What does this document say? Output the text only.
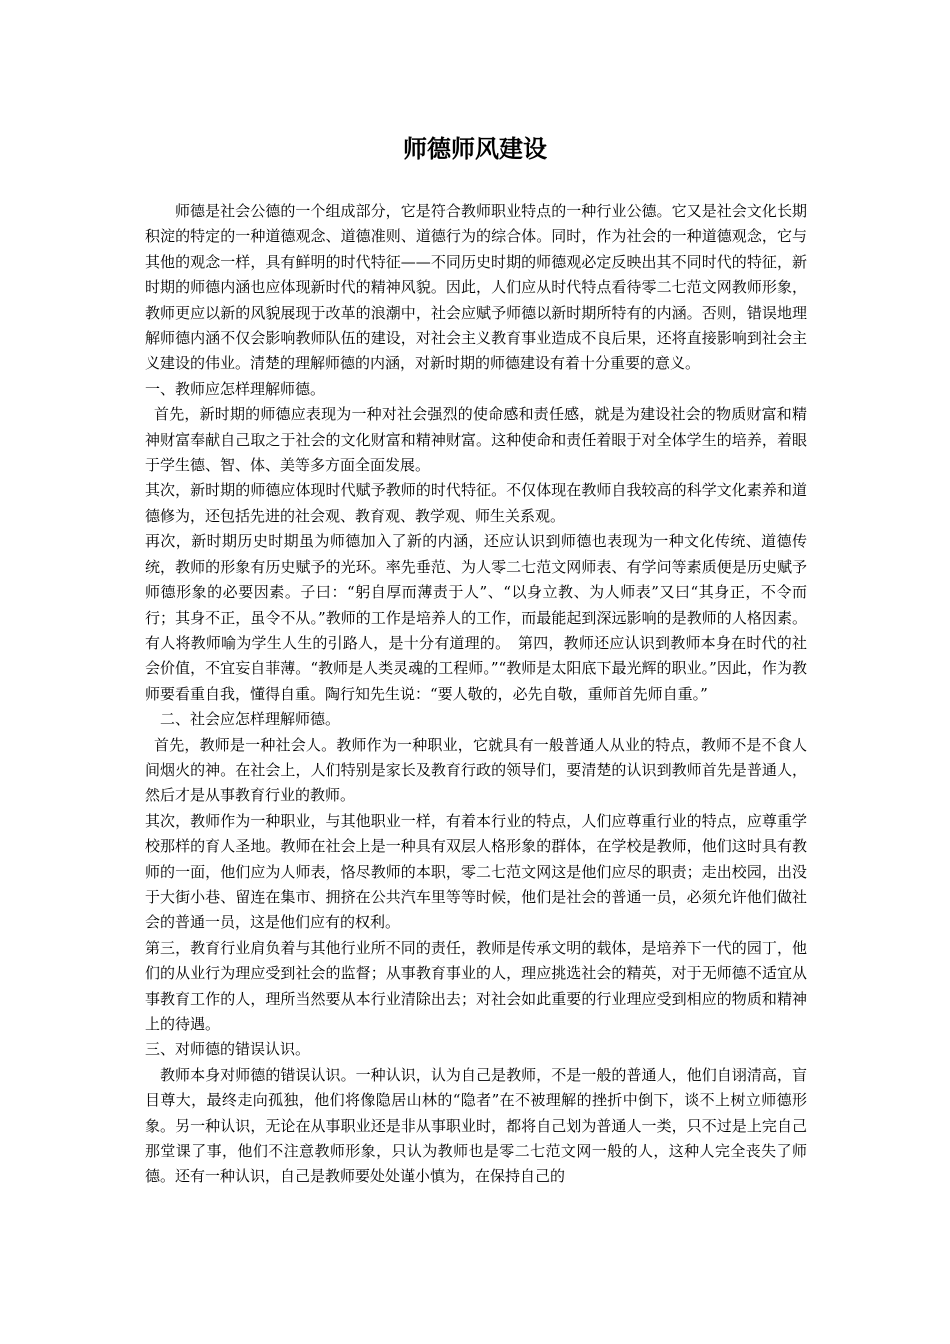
师德师风建设

师德是社会公德的一个组成部分，它是符合教师职业特点的一种行业公德。它又是社会文化长期积淀的特定的一种道德观念、道德准则、道德行为的综合体。同时，作为社会的一种道德观念，它与其他的观念一样，具有鲜明的时代特征——不同历史时期的师德观必定反映出其不同时代的特征，新时期的师德内涵也应体现新时代的精神风貌。因此，人们应从时代特点看待零二七范文网教师形象，教师更应以新的风貌展现于改革的浪潮中，社会应赋予师德以新时期所特有的内涵。否则，错误地理解师德内涵不仅会影响教师队伍的建设，对社会主义教育事业造成不良后果，还将直接影响到社会主义建设的伟业。清楚的理解师德的内涵，对新时期的师德建设有着十分重要的意义。

一、教师应怎样理解师德。

首先，新时期的师德应表现为一种对社会强烈的使命感和责任感，就是为建设社会的物质财富和精神财富奉献自己取之于社会的文化财富和精神财富。这种使命和责任着眼于对全体学生的培养，着眼于学生德、智、体、美等多方面全面发展。

其次，新时期的师德应体现时代赋予教师的时代特征。不仅体现在教师自我较高的科学文化素养和道德修为，还包括先进的社会观、教育观、教学观、师生关系观。

再次，新时期历史时期虽为师德加入了新的内涵，还应认识到师德也表现为一种文化传统、道德传统，教师的形象有历史赋予的光环。率先垂范、为人零二七范文网师表、有学问等素质便是历史赋予师德形象的必要因素。子曰：“躬自厚而薄责于人”、“以身立教、为人师表”又曰“其身正，不令而行；其身不正，虽令不从。”教师的工作是培养人的工作，而最能起到深远影响的是教师的人格因素。有人将教师喻为学生人生的引路人，是十分有道理的。　第四，教师还应认识到教师本身在时代的社会价值，不宜妄自菲薄。“教师是人类灵魂的工程师。”“教师是太阳底下最光辉的职业。”因此，作为教师要看重自我，懂得自重。陶行知先生说：“要人敬的，必先自敬，重师首先师自重。”

二、社会应怎样理解师德。

首先，教师是一种社会人。教师作为一种职业，它就具有一般普通人从业的特点，教师不是不食人间烟火的神。在社会上，人们特别是家长及教育行政的领导们，要清楚的认识到教师首先是普通人，然后才是从事教育行业的教师。

其次，教师作为一种职业，与其他职业一样，有着本行业的特点，人们应尊重行业的特点，应尊重学校那样的育人圣地。教师在社会上是一种具有双层人格形象的群体，在学校是教师，他们这时具有教师的一面，他们应为人师表，恪尽教师的本职，零二七范文网这是他们应尽的职责；走出校园，出没于大街小巷、留连在集市、拥挤在公共汽车里等等时候，他们是社会的普通一员，必须允许他们做社会的普通一员，这是他们应有的权利。

第三，教育行业肩负着与其他行业所不同的责任，教师是传承文明的载体，是培养下一代的园丁，他们的从业行为理应受到社会的监督；从事教育事业的人，理应挑选社会的精英，对于无师德不适宜从事教育工作的人，理所当然要从本行业清除出去；对社会如此重要的行业理应受到相应的物质和精神上的待遇。

三、对师德的错误认识。

教师本身对师德的错误认识。一种认识，认为自己是教师，不是一般的普通人，他们自诩清高，盲目尊大，最终走向孤独，他们将像隐居山林的“隐者”在不被理解的挫折中倒下，谈不上树立师德形象。另一种认识，无论在从事职业还是非从事职业时，都将自己划为普通人一类，只不过是上完自己那堂课了事，他们不注意教师形象，只认为教师也是零二七范文网一般的人，这种人完全丧失了师德。还有一种认识，自己是教师要处处谨小慎为，在保持自己的
